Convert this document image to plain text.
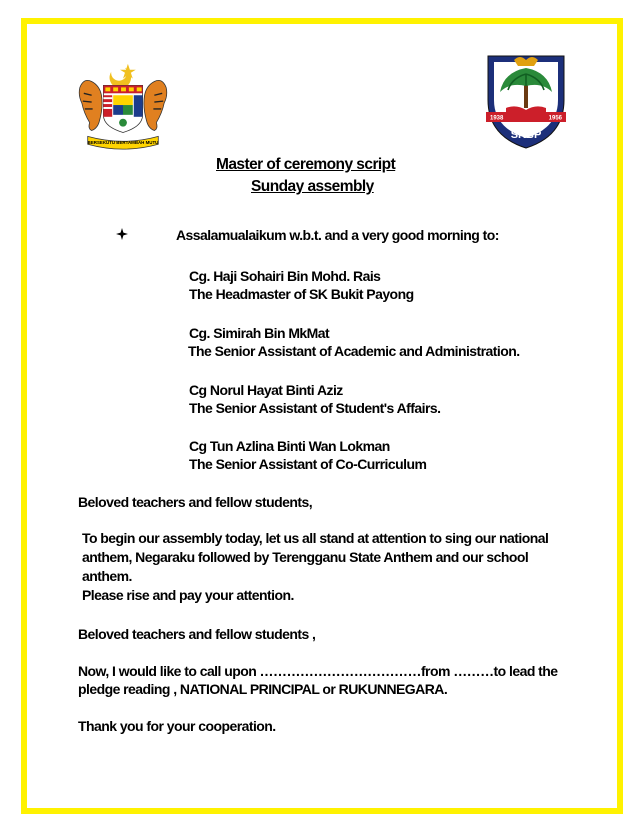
BERSEKUTU BERTAMBAH MUTU
1938	1956
SKBP
Master of ceremony script
Sunday assembly
Assalamualaikum w.b.t. and a very good morning to:
Cg. Haji Sohairi Bin Mohd. Rais
The Headmaster of SK Bukit Payong
Cg. Simirah Bin MkMat
The Senior Assistant of Academic and Administration.
Cg Norul Hayat Binti Aziz
The Senior Assistant of Student's Affairs.
Cg Tun Azlina Binti Wan Lokman
The Senior Assistant of Co-Curriculum
Beloved teachers and fellow students,
To begin our assembly today, let us all stand at attention to sing our national
anthem, Negaraku followed by Terengganu State Anthem and our school
anthem.
Please rise and pay your attention.
Beloved teachers and fellow students ,
Now, I would like to call upon ………………………………from ………to lead the
pledge reading , NATIONAL PRINCIPAL or RUKUNNEGARA.
Thank you for your cooperation.
